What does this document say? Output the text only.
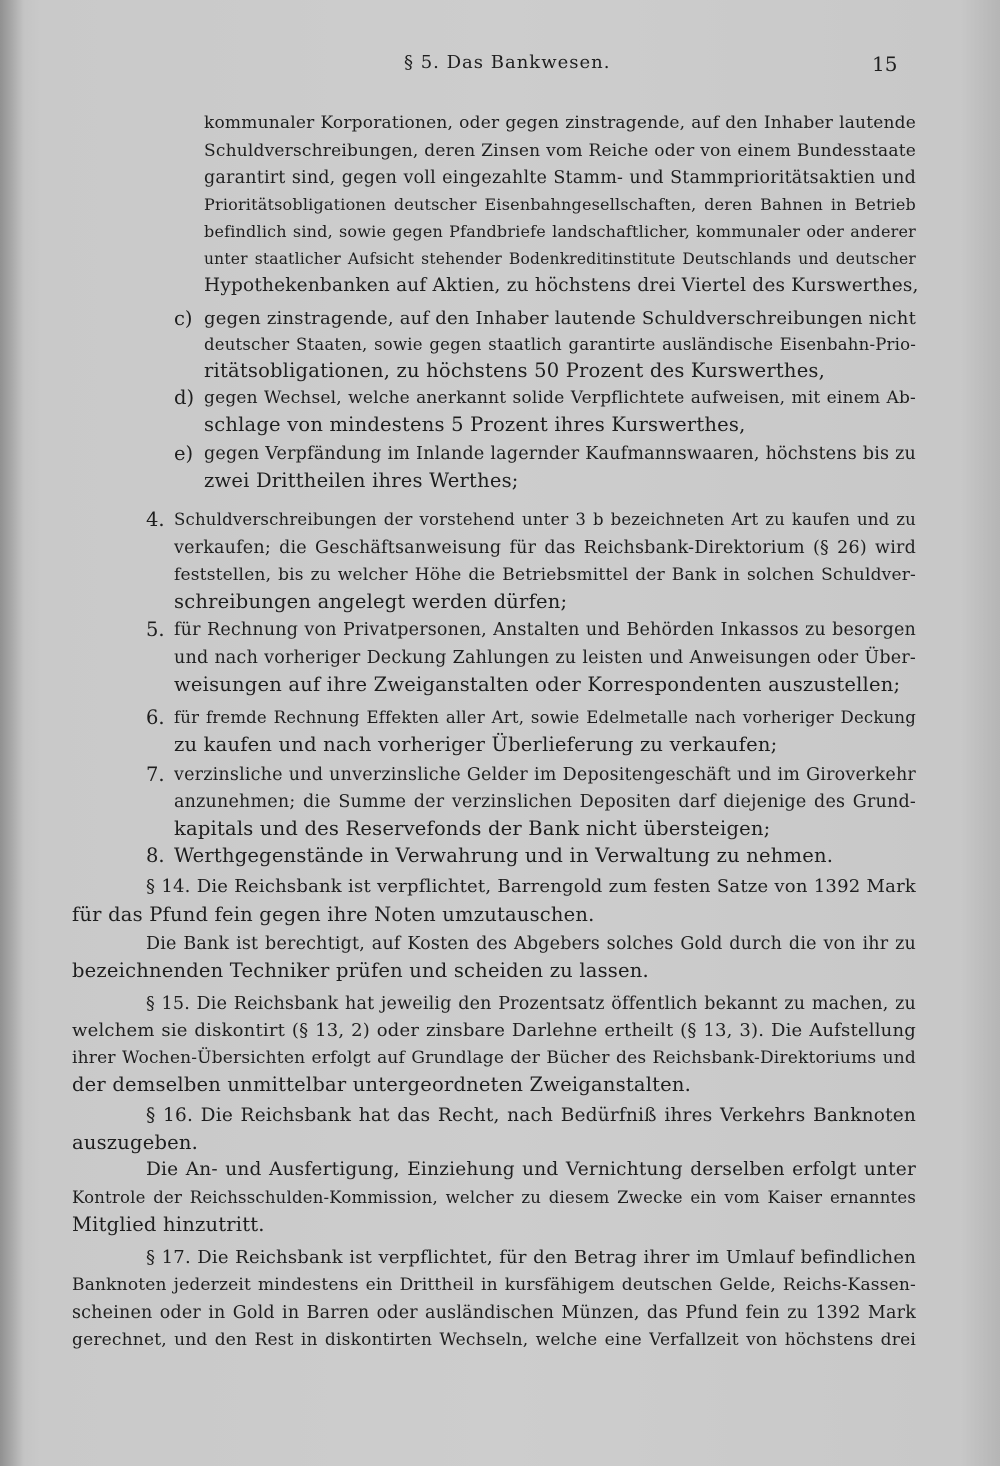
§ 5. Das Bankwesen.	15
c)
d)
e)
4.
5.
6.
7.
8.
kommunaler Korporationen, oder gegen zinstragende, auf den Inhaber lautende
Schuldverschreibungen, deren Zinsen vom Reiche oder von einem Bundesstaate
garantirt sind, gegen voll eingezahlte Stamm- und Stammprioritätsaktien und
Prioritätsobligationen deutscher Eisenbahngesellschaften, deren Bahnen in Betrieb
befindlich sind, sowie gegen Pfandbriefe landschaftlicher, kommunaler oder anderer
unter staatlicher Aufsicht stehender Bodenkreditinstitute Deutschlands und deutscher
Hypothekenbanken auf Aktien, zu höchstens drei Viertel des Kurswerthes,
gegen zinstragende, auf den Inhaber lautende Schuldverschreibungen nicht
deutscher Staaten, sowie gegen staatlich garantirte ausländische Eisenbahn-Prio-
ritätsobligationen, zu höchstens 50 Prozent des Kurswerthes,
gegen Wechsel, welche anerkannt solide Verpflichtete aufweisen, mit einem Ab-
schlage von mindestens 5 Prozent ihres Kurswerthes,
gegen Verpfändung im Inlande lagernder Kaufmannswaaren, höchstens bis zu
zwei Drittheilen ihres Werthes;
Schuldverschreibungen der vorstehend unter 3 b bezeichneten Art zu kaufen und zu
verkaufen; die Geschäftsanweisung für das Reichsbank-Direktorium (§ 26) wird
feststellen, bis zu welcher Höhe die Betriebsmittel der Bank in solchen Schuldver-
schreibungen angelegt werden dürfen;
für Rechnung von Privatpersonen, Anstalten und Behörden Inkassos zu besorgen
und nach vorheriger Deckung Zahlungen zu leisten und Anweisungen oder Über-
weisungen auf ihre Zweiganstalten oder Korrespondenten auszustellen;
für fremde Rechnung Effekten aller Art, sowie Edelmetalle nach vorheriger Deckung
zu kaufen und nach vorheriger Überlieferung zu verkaufen;
verzinsliche und unverzinsliche Gelder im Depositengeschäft und im Giroverkehr
anzunehmen; die Summe der verzinslichen Depositen darf diejenige des Grund-
kapitals und des Reservefonds der Bank nicht übersteigen;
Werthgegenstände in Verwahrung und in Verwaltung zu nehmen.
§ 14. Die Reichsbank ist verpflichtet, Barrengold zum festen Satze von 1392 Mark
für das Pfund fein gegen ihre Noten umzutauschen.
Die Bank ist berechtigt, auf Kosten des Abgebers solches Gold durch die von ihr zu
bezeichnenden Techniker prüfen und scheiden zu lassen.
§ 15. Die Reichsbank hat jeweilig den Prozentsatz öffentlich bekannt zu machen, zu
welchem sie diskontirt (§ 13, 2) oder zinsbare Darlehne ertheilt (§ 13, 3). Die Aufstellung
ihrer Wochen-Übersichten erfolgt auf Grundlage der Bücher des Reichsbank-Direktoriums und
der demselben unmittelbar untergeordneten Zweiganstalten.
§ 16. Die Reichsbank hat das Recht, nach Bedürfniß ihres Verkehrs Banknoten
auszugeben.
Die An- und Ausfertigung, Einziehung und Vernichtung derselben erfolgt unter
Kontrole der Reichsschulden-Kommission, welcher zu diesem Zwecke ein vom Kaiser ernanntes
Mitglied hinzutritt.
§ 17. Die Reichsbank ist verpflichtet, für den Betrag ihrer im Umlauf befindlichen
Banknoten jederzeit mindestens ein Drittheil in kursfähigem deutschen Gelde, Reichs-Kassen-
scheinen oder in Gold in Barren oder ausländischen Münzen, das Pfund fein zu 1392 Mark
gerechnet, und den Rest in diskontirten Wechseln, welche eine Verfallzeit von höchstens drei
